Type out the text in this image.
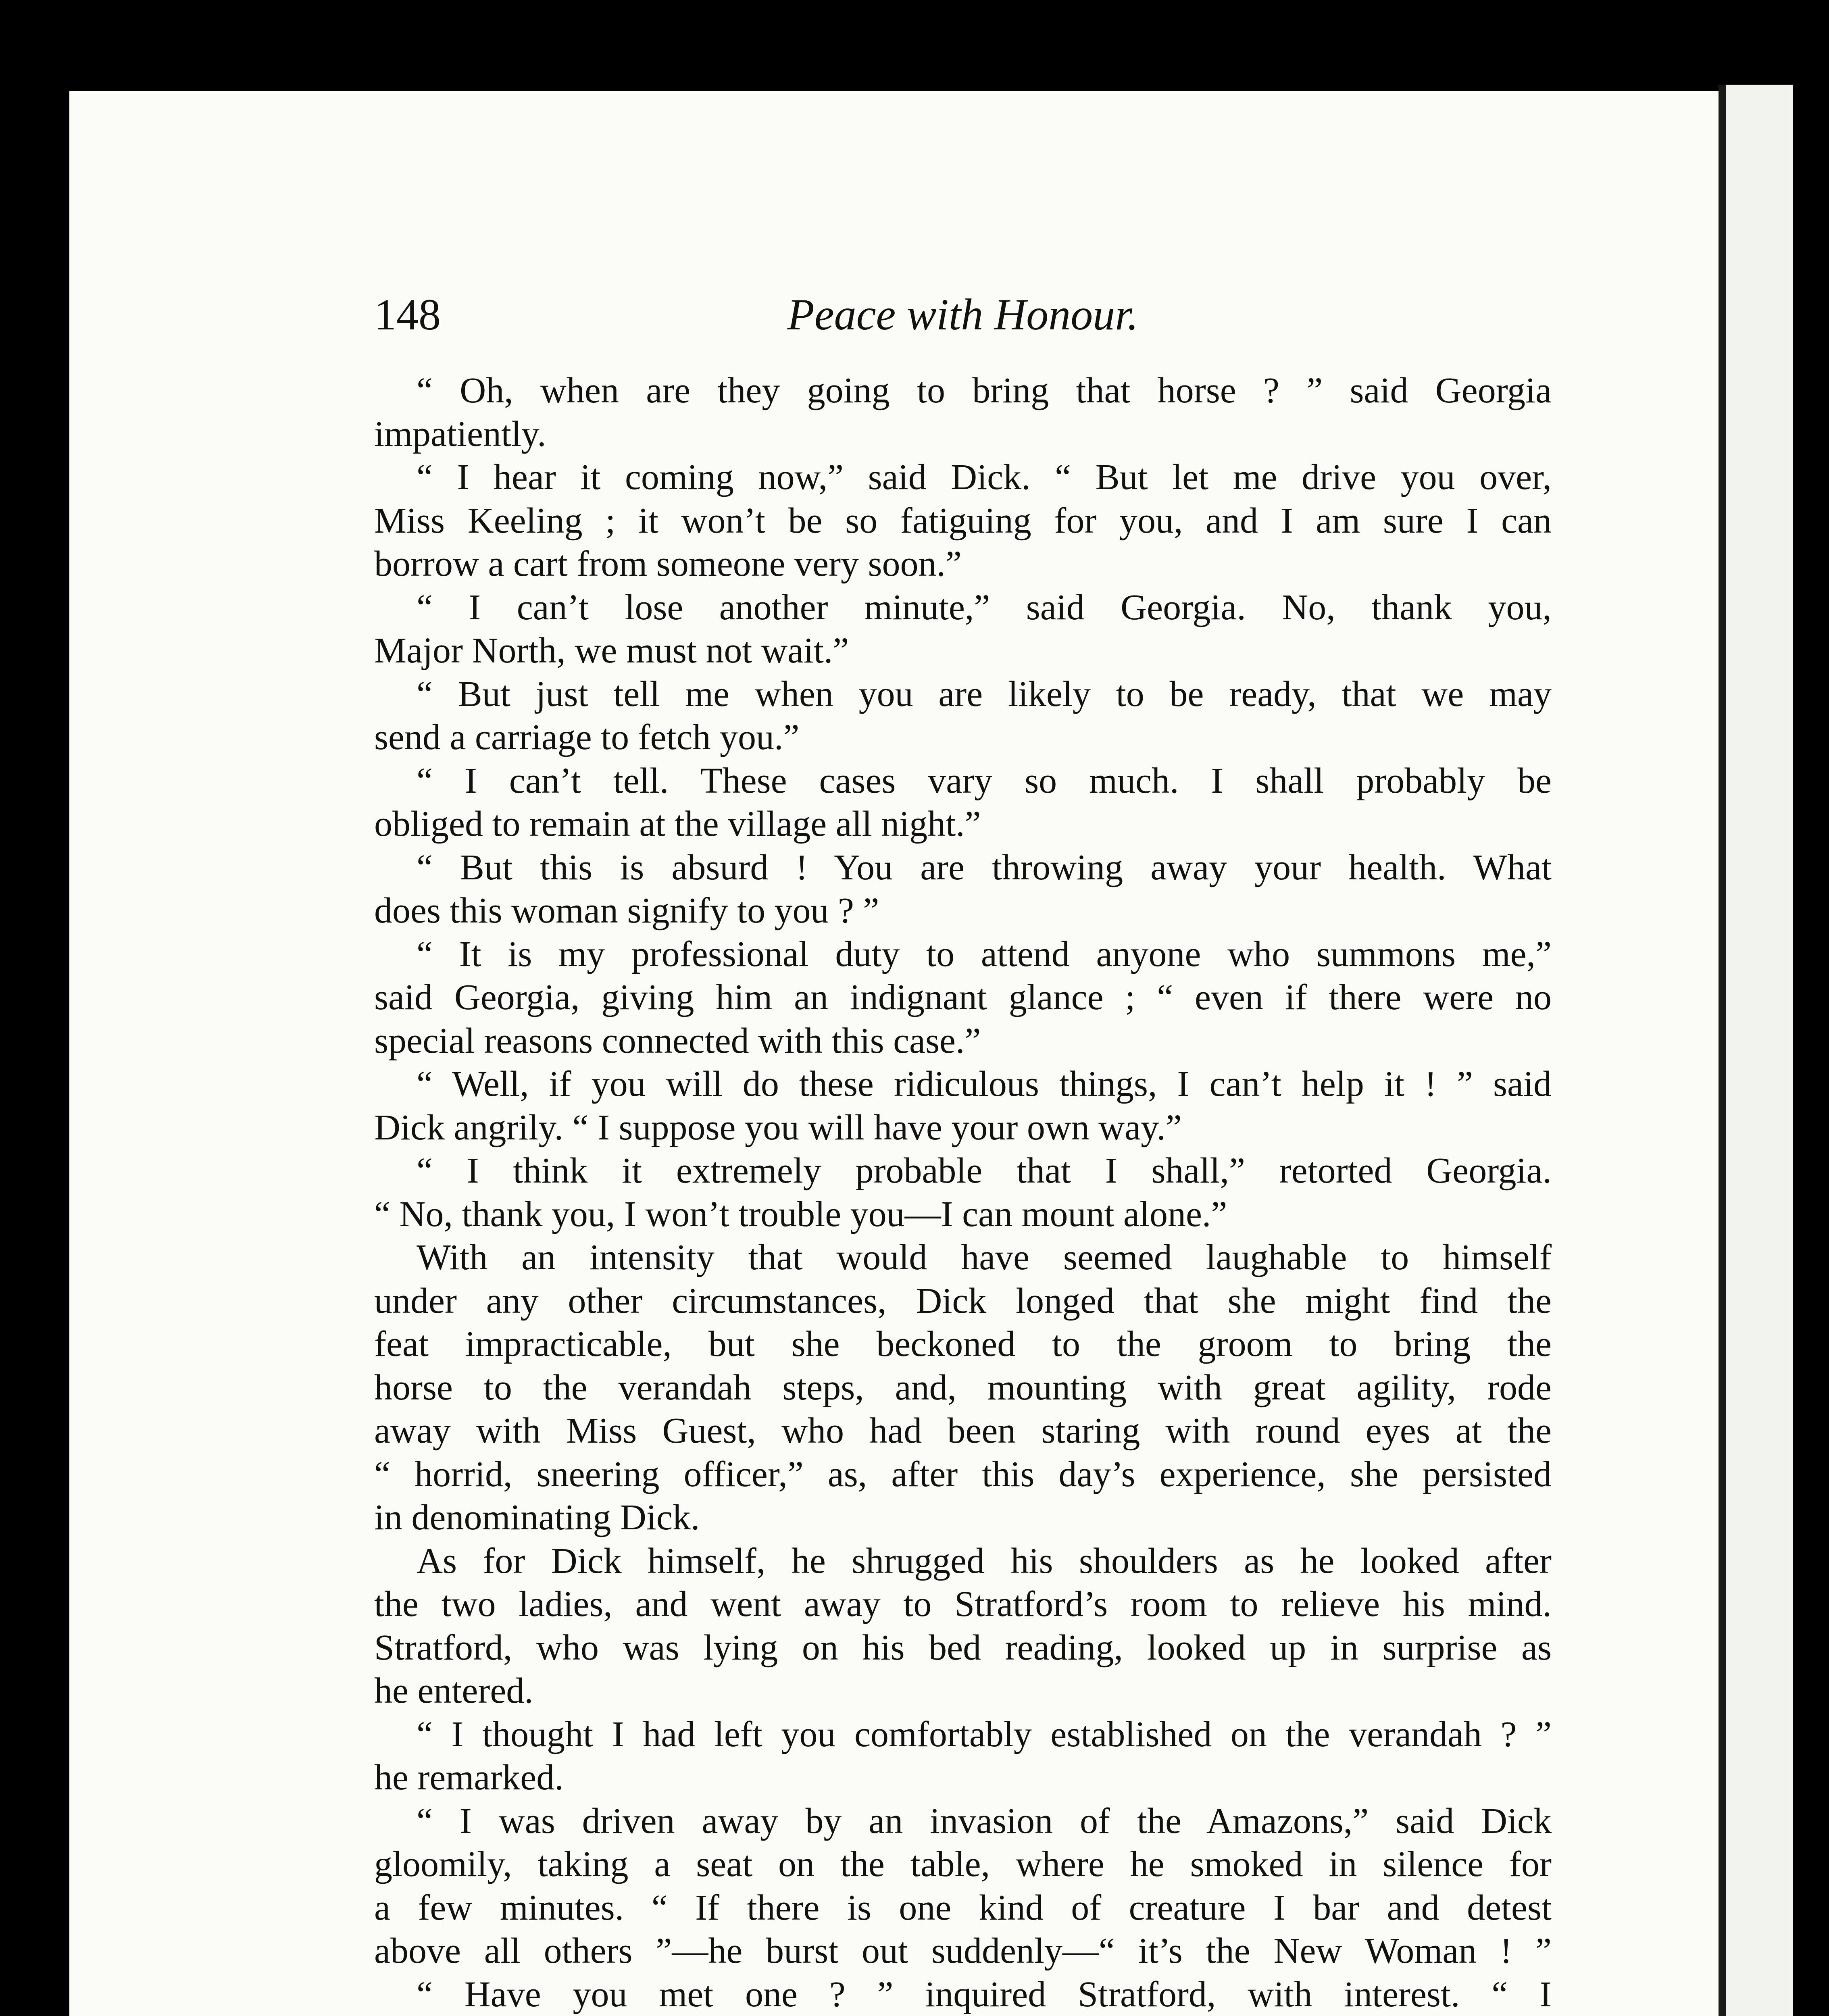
148	Peace with Honour.
“ Oh, when are they going to bring that horse ? ” said Georgia
impatiently.
“ I hear it coming now,” said Dick. “ But let me drive you over,
Miss Keeling ; it won’t be so fatiguing for you, and I am sure I can
borrow a cart from someone very soon.”
“ I can’t lose another minute,” said Georgia. No, thank you,
Major North, we must not wait.”
“ But just tell me when you are likely to be ready, that we may
send a carriage to fetch you.”
“ I can’t tell. These cases vary so much. I shall probably be
obliged to remain at the village all night.”
“ But this is absurd ! You are throwing away your health. What
does this woman signify to you ? ”
“ It is my professional duty to attend anyone who summons me,”
said Georgia, giving him an indignant glance ; “ even if there were no
special reasons connected with this case.”
“ Well, if you will do these ridiculous things, I can’t help it ! ” said
Dick angrily. “ I suppose you will have your own way.”
“ I think it extremely probable that I shall,” retorted Georgia.
“ No, thank you, I won’t trouble you—I can mount alone.”
With an intensity that would have seemed laughable to himself
under any other circumstances, Dick longed that she might find the
feat impracticable, but she beckoned to the groom to bring the
horse to the verandah steps, and, mounting with great agility, rode
away with Miss Guest, who had been staring with round eyes at the
“ horrid, sneering officer,” as, after this day’s experience, she persisted
in denominating Dick.
As for Dick himself, he shrugged his shoulders as he looked after
the two ladies, and went away to Stratford’s room to relieve his mind.
Stratford, who was lying on his bed reading, looked up in surprise as
he entered.
“ I thought I had left you comfortably established on the verandah ? ”
he remarked.
“ I was driven away by an invasion of the Amazons,” said Dick
gloomily, taking a seat on the table, where he smoked in silence for
a few minutes. “ If there is one kind of creature I bar and detest
above all others ”—he burst out suddenly—“ it’s the New Woman ! ”
“ Have you met one ? ” inquired Stratford, with interest. “ I
